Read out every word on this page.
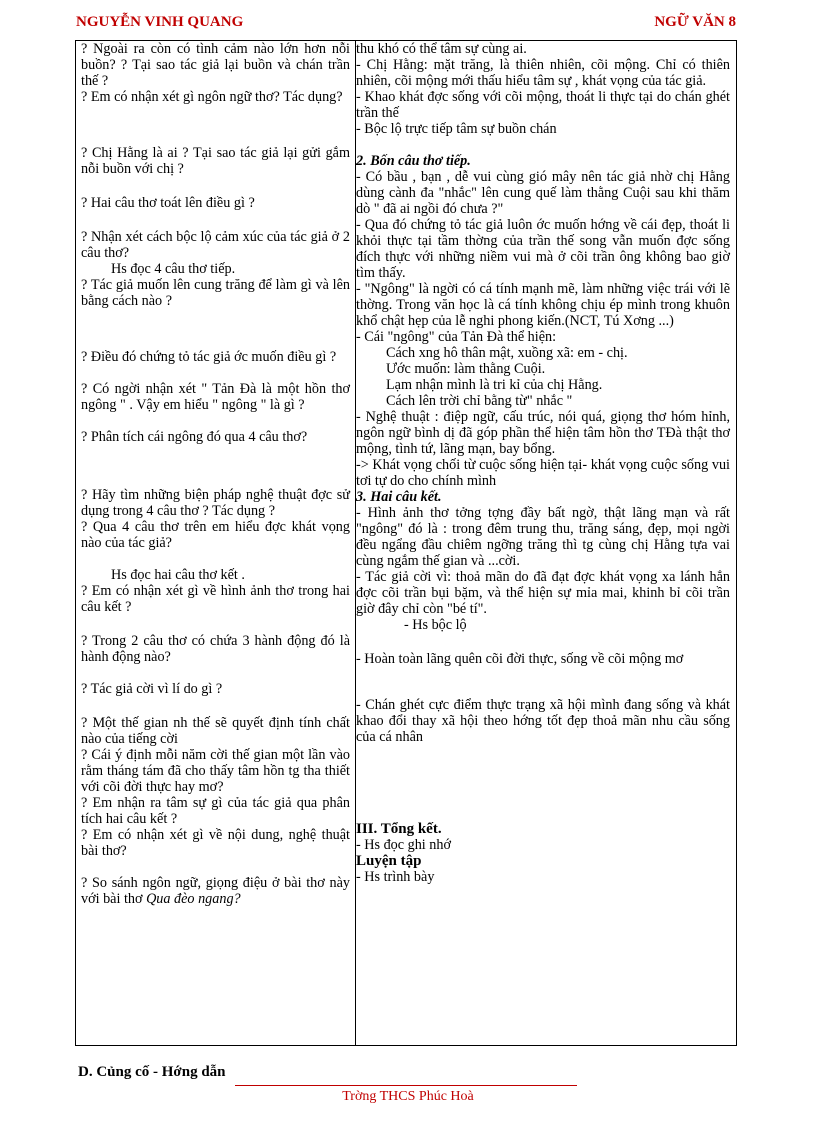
NGUYỄN VINH QUANG	NGỮ VĂN 8
? Ngoài ra còn có tình cảm nào lớn hơn nỗi buồn? ? Tại sao tác giả lại buồn và chán trần thế ?
? Em có nhận xét gì ngôn ngữ thơ? Tác dụng?
? Chị Hằng là ai ? Tại sao tác giả lại gửi gắm nỗi buồn với chị ?
? Hai câu thơ toát lên điều gì ?
? Nhận xét cách bộc lộ cảm xúc của tác giả ở 2 câu thơ?
Hs đọc 4 câu thơ tiếp.
? Tác giả muốn lên cung trăng để làm gì và lên bằng cách nào ?
? Điều đó chứng tỏ tác giả ớc muốn điều gì ?
? Có ngời nhận xét " Tản Đà là một hồn thơ ngông " . Vậy em hiểu " ngông " là gì ?
? Phân tích cái ngông đó qua 4 câu thơ?
? Hãy tìm những biện pháp nghệ thuật đợc sử dụng trong 4 câu thơ ? Tác dụng ?
? Qua 4 câu thơ trên em hiểu đợc khát vọng nào của tác giả?
Hs đọc hai câu thơ kết .
? Em có nhận xét gì về hình ảnh thơ trong hai câu kết ?
? Trong 2 câu thơ có chứa 3 hành động đó là hành động nào?
? Tác giả cời vì lí do gì ?
? Một thế gian nh thế sẽ quyết định tính chất nào của tiếng cời
? Cái ý định mỗi năm cời thế gian một lần vào rằm tháng tám đã cho thấy tâm hồn tg tha thiết với cõi đời thực hay mơ?
? Em nhận ra tâm sự gì của tác giả qua phân tích hai câu kết ?
? Em có nhận xét gì về nội dung, nghệ thuật bài thơ?
? So sánh ngôn ngữ, giọng điệu ở bài thơ này với bài thơ Qua đèo ngang?
thu khó có thể tâm sự cùng ai.
- Chị Hằng: mặt trăng, là thiên nhiên, cõi mộng. Chỉ có thiên nhiên, cõi mộng mới thấu hiểu tâm sự , khát vọng của tác giả.
- Khao khát đợc sống với cõi mộng, thoát li thực tại do chán ghét trần thế
- Bộc lộ trực tiếp tâm sự buồn chán
2. Bốn câu thơ tiếp.
- Có bầu , bạn , dễ vui cùng gió mây nên tác giả nhờ chị Hằng dùng cành đa "nhắc" lên cung quế làm thằng Cuội sau khi thăm dò " đã ai ngồi đó chưa ?"
- Qua đó chứng tỏ tác giả luôn ớc muốn hớng về cái đẹp, thoát li khỏi thực tại tầm thờng của trần thế song vẫn muốn đợc sống đích thực với những niềm vui mà ở cõi trần ông không bao giờ tìm thấy.
- "Ngông" là ngời có cá tính mạnh mẽ, làm những việc trái với lẽ thờng. Trong văn học là cá tính không chịu ép mình trong khuôn khổ chật hẹp của lễ nghi phong kiến.(NCT, Tú Xơng ...)
- Cái "ngông" của Tản Đà thể hiện:
Cách xng hô thân mật, xuồng xã: em - chị.
Ước muốn: làm thằng Cuội.
Lạm nhận mình là tri kỉ của chị Hằng.
Cách lên trời chỉ bằng từ" nhắc "
- Nghệ thuật : điệp ngữ, cấu trúc, nói quá, giọng thơ hóm hỉnh, ngôn ngữ bình dị đã góp phần thể hiện tâm hồn thơ TĐà thật thơ mộng, tình tứ, lãng mạn, bay bổng.
-> Khát vọng chối từ cuộc sống hiện tại- khát vọng cuộc sống vui tơi tự do cho chính mình
3. Hai câu kết.
- Hình ảnh thơ tởng tợng đầy bất ngờ, thật lãng mạn và rất "ngông" đó là : trong đêm trung thu, trăng sáng, đẹp, mọi ngời đều ngẩng đầu chiêm ngỡng trăng thì tg cùng chị Hằng tựa vai cùng ngắm thế gian và ...cời.
- Tác giả cời vì: thoả mãn do đã đạt đợc khát vọng xa lánh hẳn đợc cõi trần bụi bặm, và thể hiện sự mỉa mai, khinh bỉ cõi trần giờ đây chỉ còn "bé tí".
- Hs bộc lộ
- Hoàn toàn lãng quên cõi đời thực, sống về cõi mộng mơ
- Chán ghét cực điểm thực trạng xã hội mình đang sống và khát khao đổi thay xã hội theo hớng tốt đẹp thoả mãn nhu cầu sống của cá nhân
III. Tổng kết.
- Hs đọc ghi nhớ
Luyện tập
- Hs trình bày
D. Củng cố - Hớng dẫn
Trờng THCS Phúc Hoà
